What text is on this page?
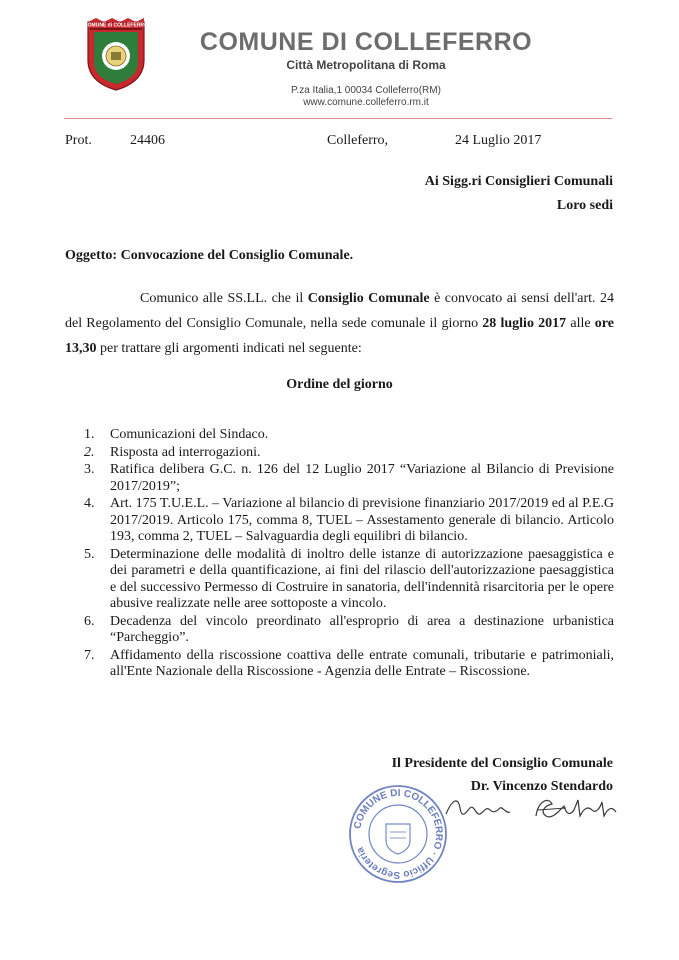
COMUNE di COLLEFERRO
COMUNE DI COLLEFERRO
Città Metropolitana di Roma
P.za Italia,1 00034 Colleferro(RM)
www.comune.colleferro.rm.it
Prot.	24406	Colleferro,	24 Luglio 2017
Ai Sigg.ri Consiglieri Comunali
Loro sedi
Oggetto: Convocazione del Consiglio Comunale.
Comunico alle SS.LL. che il Consiglio Comunale è convocato ai sensi dell'art. 24 del Regolamento del Consiglio Comunale, nella sede comunale il giorno 28 luglio 2017 alle ore 13,30 per trattare gli argomenti indicati nel seguente:
Ordine del giorno
1. Comunicazioni del Sindaco.
2. Risposta ad interrogazioni.
3. Ratifica delibera G.C. n. 126 del 12 Luglio 2017 “Variazione al Bilancio di Previsione 2017/2019”;
4. Art. 175 T.U.E.L. – Variazione al bilancio di previsione finanziario 2017/2019 ed al P.E.G 2017/2019. Articolo 175, comma 8, TUEL – Assestamento generale di bilancio. Articolo 193, comma 2, TUEL – Salvaguardia degli equilibri di bilancio.
5. Determinazione delle modalità di inoltro delle istanze di autorizzazione paesaggistica e dei parametri e della quantificazione, ai fini del rilascio dell'autorizzazione paesaggistica e del successivo Permesso di Costruire in sanatoria, dell'indennità risarcitoria per le opere abusive realizzate nelle aree sottoposte a vincolo.
6. Decadenza del vincolo preordinato all'esproprio di area a destinazione urbanistica “Parcheggio”.
7. Affidamento della riscossione coattiva delle entrate comunali, tributarie e patrimoniali, all'Ente Nazionale della Riscossione - Agenzia delle Entrate – Riscossione.
Il Presidente del Consiglio Comunale
Dr. Vincenzo Stendardo
COMUNE DI COLLEFERRO · Ufficio Segreteria
